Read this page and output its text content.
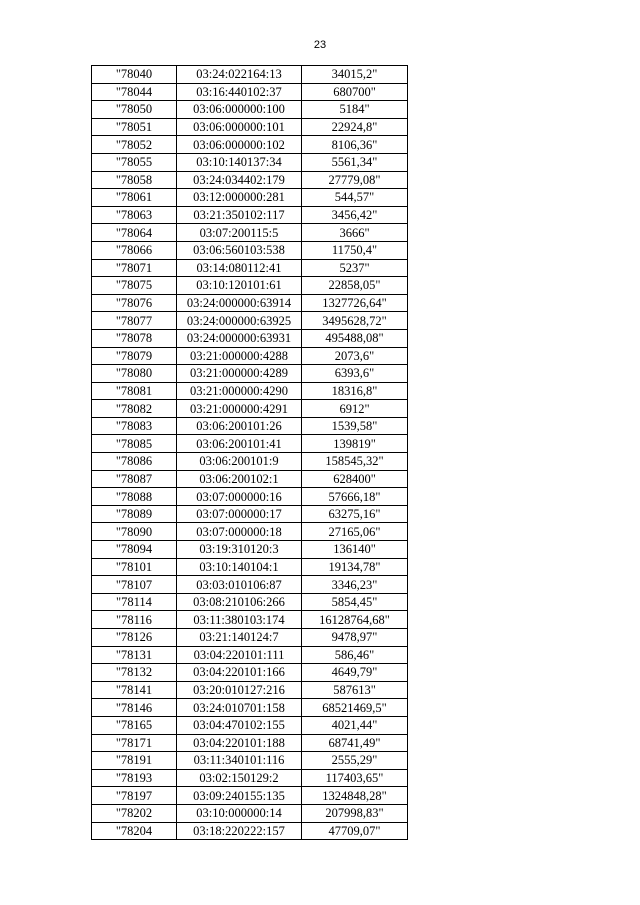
23
"78040	03:24:022164:13	34015,2"
"78044	03:16:440102:37	680700"
"78050	03:06:000000:100	5184"
"78051	03:06:000000:101	22924,8"
"78052	03:06:000000:102	8106,36"
"78055	03:10:140137:34	5561,34"
"78058	03:24:034402:179	27779,08"
"78061	03:12:000000:281	544,57"
"78063	03:21:350102:117	3456,42"
"78064	03:07:200115:5	3666"
"78066	03:06:560103:538	11750,4"
"78071	03:14:080112:41	5237"
"78075	03:10:120101:61	22858,05"
"78076	03:24:000000:63914	1327726,64"
"78077	03:24:000000:63925	3495628,72"
"78078	03:24:000000:63931	495488,08"
"78079	03:21:000000:4288	2073,6"
"78080	03:21:000000:4289	6393,6"
"78081	03:21:000000:4290	18316,8"
"78082	03:21:000000:4291	6912"
"78083	03:06:200101:26	1539,58"
"78085	03:06:200101:41	139819"
"78086	03:06:200101:9	158545,32"
"78087	03:06:200102:1	628400"
"78088	03:07:000000:16	57666,18"
"78089	03:07:000000:17	63275,16"
"78090	03:07:000000:18	27165,06"
"78094	03:19:310120:3	136140"
"78101	03:10:140104:1	19134,78"
"78107	03:03:010106:87	3346,23"
"78114	03:08:210106:266	5854,45"
"78116	03:11:380103:174	16128764,68"
"78126	03:21:140124:7	9478,97"
"78131	03:04:220101:111	586,46"
"78132	03:04:220101:166	4649,79"
"78141	03:20:010127:216	587613"
"78146	03:24:010701:158	68521469,5"
"78165	03:04:470102:155	4021,44"
"78171	03:04:220101:188	68741,49"
"78191	03:11:340101:116	2555,29"
"78193	03:02:150129:2	117403,65"
"78197	03:09:240155:135	1324848,28"
"78202	03:10:000000:14	207998,83"
"78204	03:18:220222:157	47709,07"
